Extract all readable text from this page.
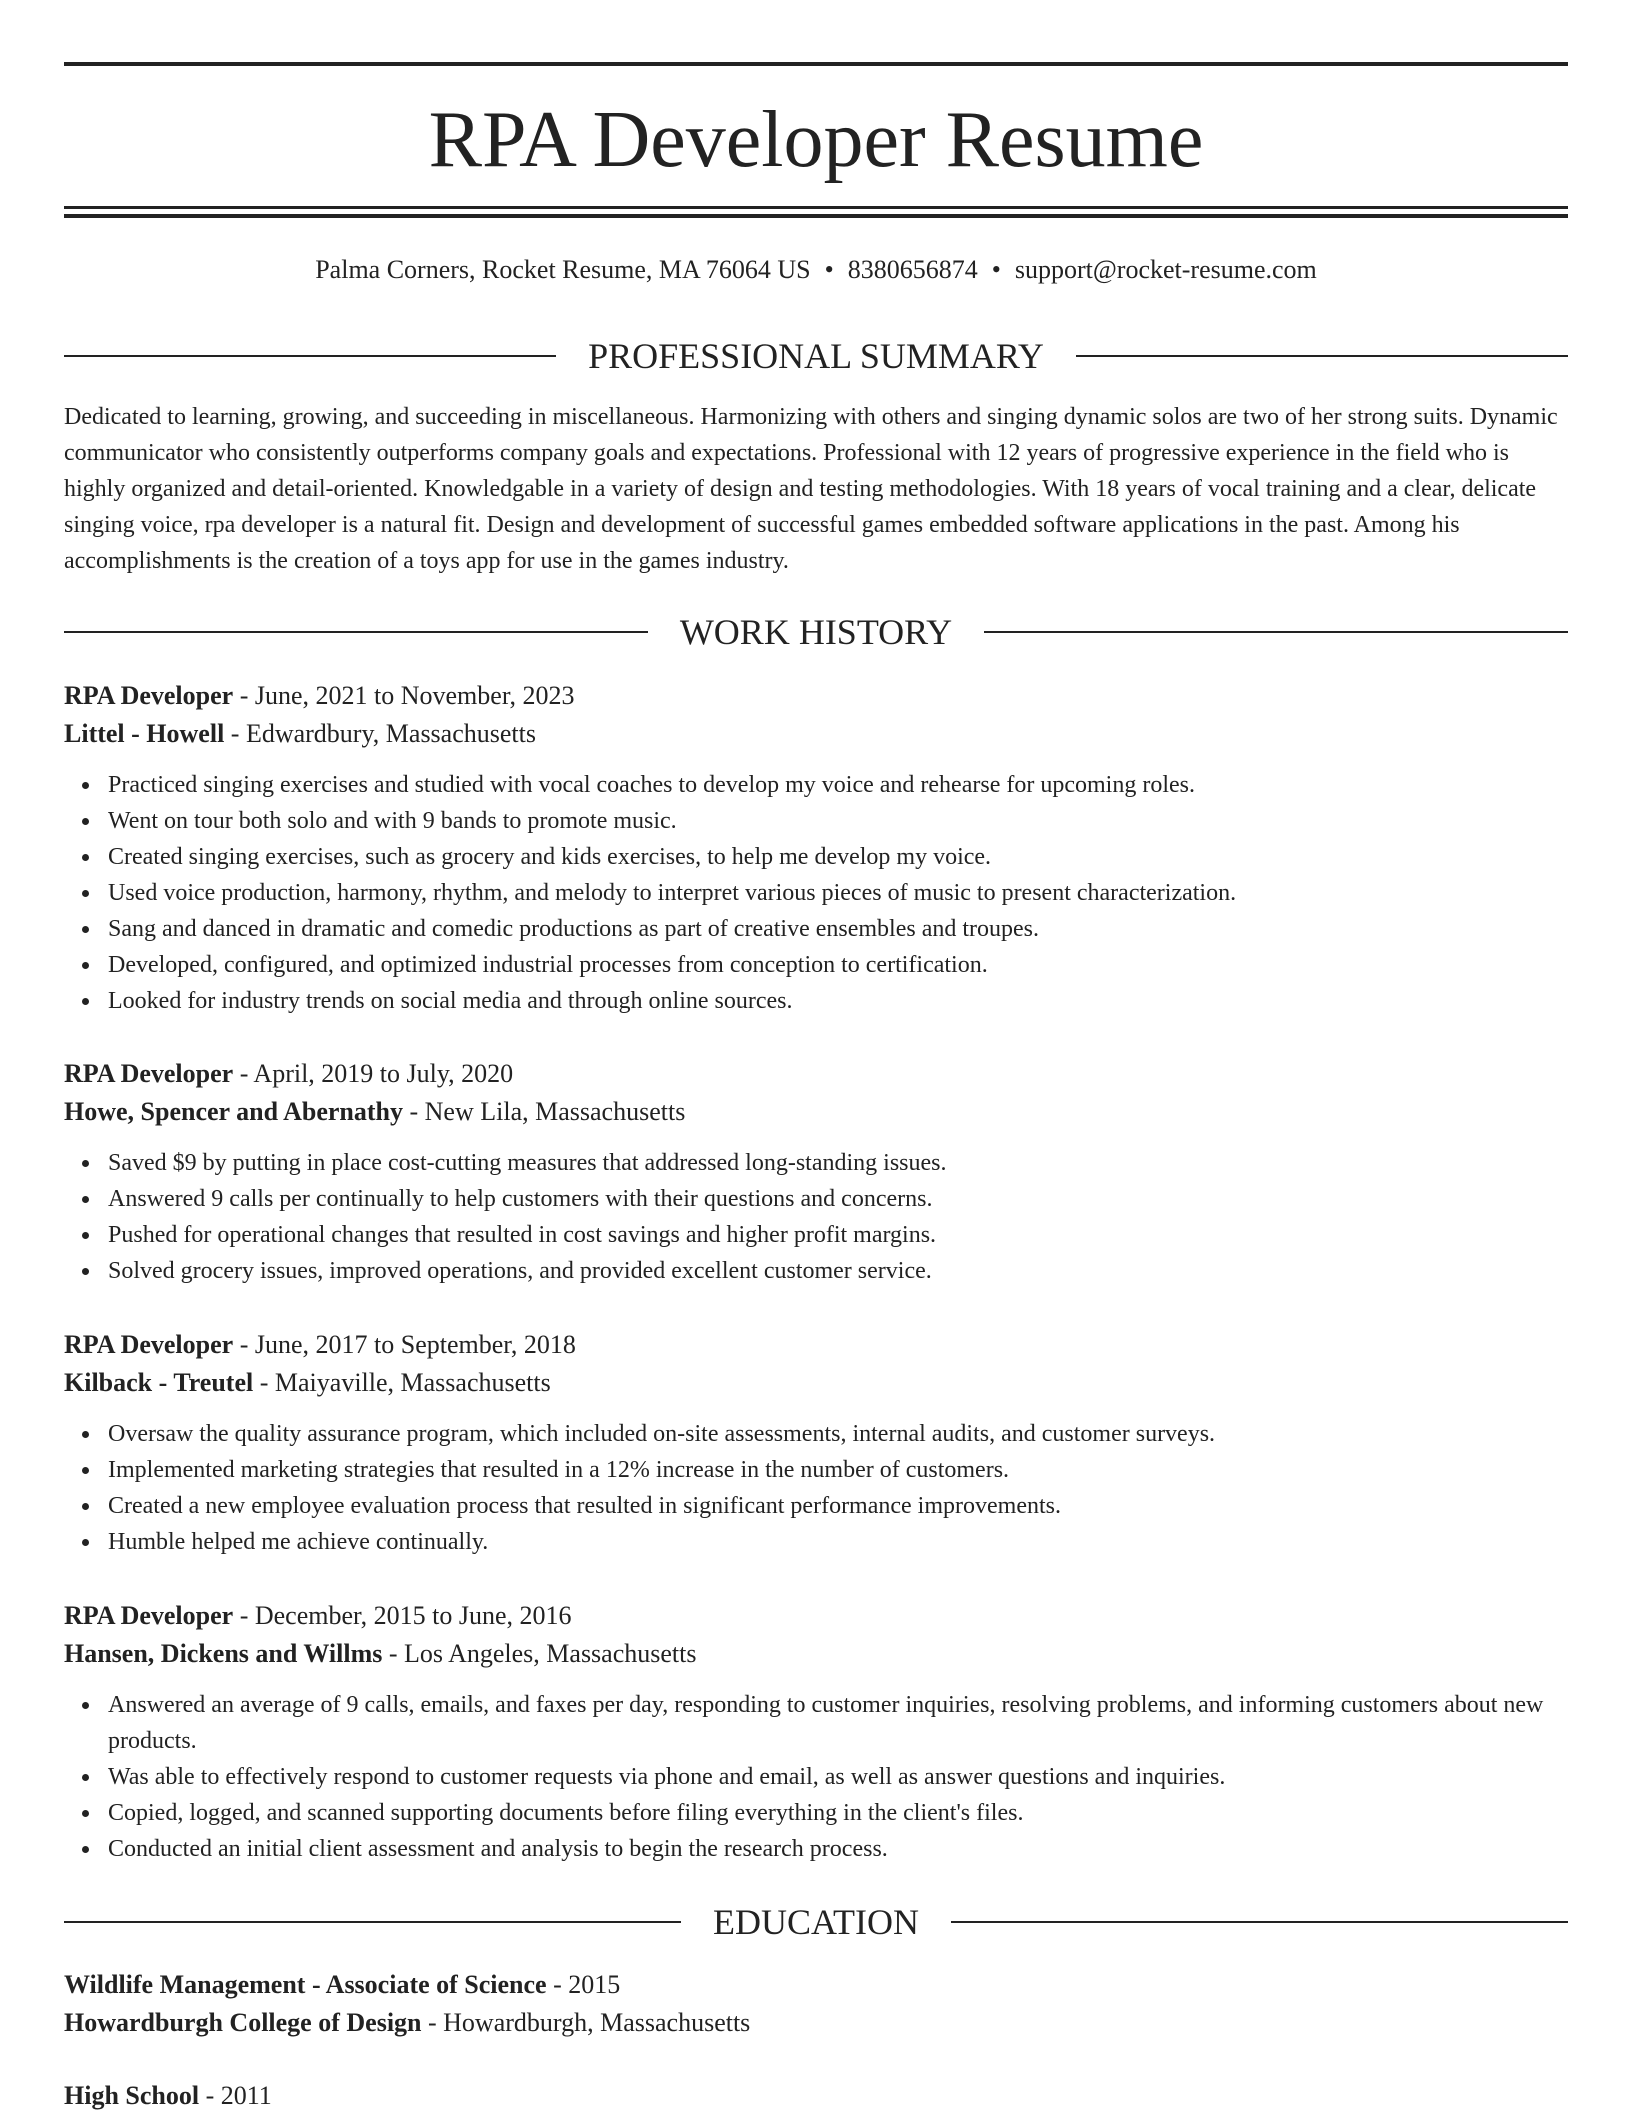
RPA Developer Resume
Palma Corners, Rocket Resume, MA 76064 US • 8380656874 • support@rocket-resume.com
PROFESSIONAL SUMMARY

Dedicated to learning, growing, and succeeding in miscellaneous. Harmonizing with others and singing dynamic solos are two of her strong suits. Dynamic communicator who consistently outperforms company goals and expectations. Professional with 12 years of progressive experience in the field who is highly organized and detail-oriented. Knowledgable in a variety of design and testing methodologies. With 18 years of vocal training and a clear, delicate singing voice, rpa developer is a natural fit. Design and development of successful games embedded software applications in the past. Among his accomplishments is the creation of a toys app for use in the games industry.

WORK HISTORY
RPA Developer - June, 2021 to November, 2023
Littel - Howell - Edwardbury, Massachusetts
Practiced singing exercises and studied with vocal coaches to develop my voice and rehearse for upcoming roles.
Went on tour both solo and with 9 bands to promote music.
Created singing exercises, such as grocery and kids exercises, to help me develop my voice.
Used voice production, harmony, rhythm, and melody to interpret various pieces of music to present characterization.
Sang and danced in dramatic and comedic productions as part of creative ensembles and troupes.
Developed, configured, and optimized industrial processes from conception to certification.
Looked for industry trends on social media and through online sources.
RPA Developer - April, 2019 to July, 2020
Howe, Spencer and Abernathy - New Lila, Massachusetts
Saved $9 by putting in place cost-cutting measures that addressed long-standing issues.
Answered 9 calls per continually to help customers with their questions and concerns.
Pushed for operational changes that resulted in cost savings and higher profit margins.
Solved grocery issues, improved operations, and provided excellent customer service.
RPA Developer - June, 2017 to September, 2018
Kilback - Treutel - Maiyaville, Massachusetts
Oversaw the quality assurance program, which included on-site assessments, internal audits, and customer surveys.
Implemented marketing strategies that resulted in a 12% increase in the number of customers.
Created a new employee evaluation process that resulted in significant performance improvements.
Humble helped me achieve continually.
RPA Developer - December, 2015 to June, 2016
Hansen, Dickens and Willms - Los Angeles, Massachusetts
Answered an average of 9 calls, emails, and faxes per day, responding to customer inquiries, resolving problems, and informing customers about new products.
Was able to effectively respond to customer requests via phone and email, as well as answer questions and inquiries.
Copied, logged, and scanned supporting documents before filing everything in the client's files.
Conducted an initial client assessment and analysis to begin the research process.
EDUCATION
Wildlife Management - Associate of Science - 2015
Howardburgh College of Design - Howardburgh, Massachusetts
High School - 2011
